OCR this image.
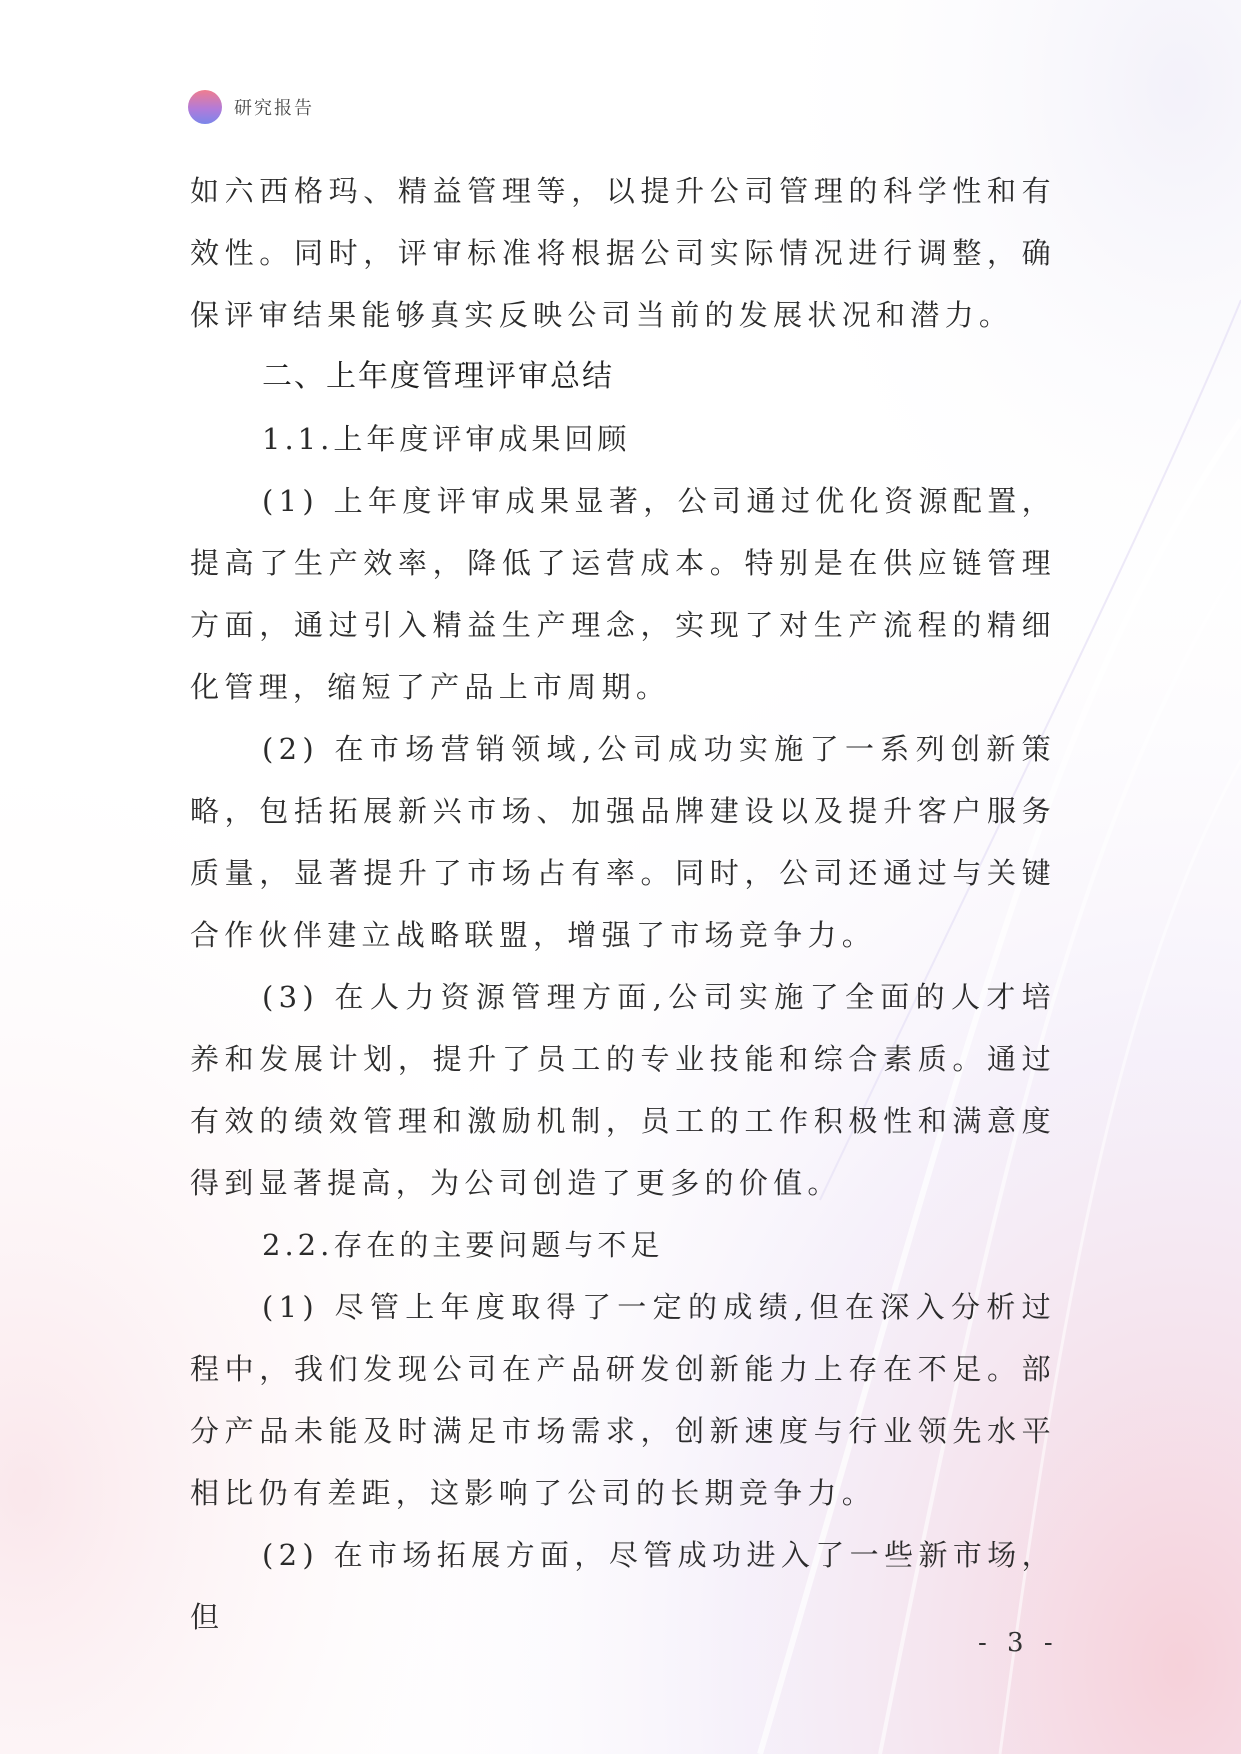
研究报告

如六西格玛、精益管理等，以提升公司管理的科学性和有效性。同时，评审标准将根据公司实际情况进行调整，确保评审结果能够真实反映公司当前的发展状况和潜力。

二、上年度管理评审总结

1.1.上年度评审成果回顾

(1) 上年度评审成果显著，公司通过优化资源配置，提高了生产效率，降低了运营成本。特别是在供应链管理方面，通过引入精益生产理念，实现了对生产流程的精细化管理，缩短了产品上市周期。

(2) 在市场营销领域,公司成功实施了一系列创新策略，包括拓展新兴市场、加强品牌建设以及提升客户服务质量，显著提升了市场占有率。同时，公司还通过与关键合作伙伴建立战略联盟，增强了市场竞争力。

(3) 在人力资源管理方面,公司实施了全面的人才培养和发展计划，提升了员工的专业技能和综合素质。通过有效的绩效管理和激励机制，员工的工作积极性和满意度得到显著提高，为公司创造了更多的价值。

2.2.存在的主要问题与不足

(1) 尽管上年度取得了一定的成绩,但在深入分析过程中，我们发现公司在产品研发创新能力上存在不足。部分产品未能及时满足市场需求，创新速度与行业领先水平相比仍有差距，这影响了公司的长期竞争力。

(2) 在市场拓展方面，尽管成功进入了一些新市场，但

- 3 -
